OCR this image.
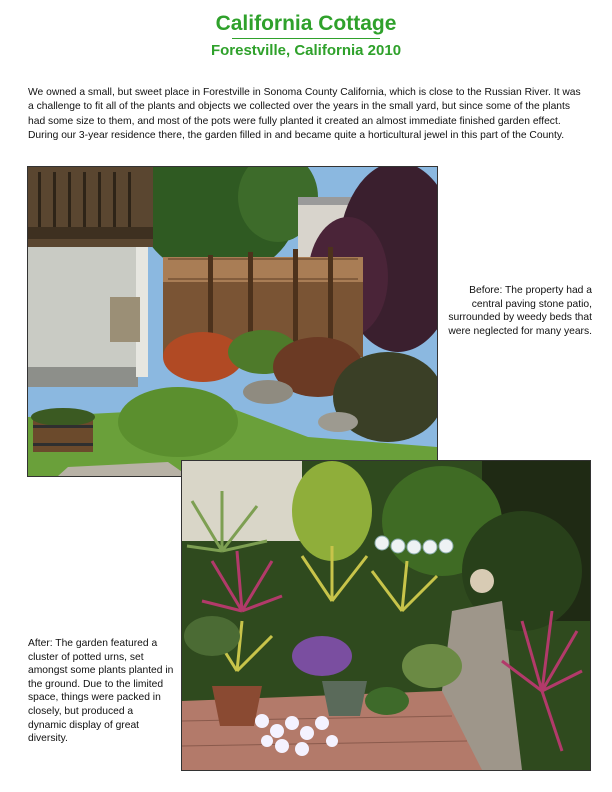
California Cottage
Forestville, California 2010

We owned a small, but sweet place in Forestville in Sonoma County California, which is close to the Russian River. It was a challenge to fit all of the plants and objects we collected over the years in the small yard, but since some of the plants had some size to them, and most of the pots were fully planted it created an almost immediate finished garden effect. During our 3-year residence there, the garden filled in and became quite a horticultural jewel in this part of the County.

Before: The property had a central paving stone patio, surrounded by weedy beds that were neglected for many years.

After: The garden featured a cluster of potted urns, set amongst some plants planted in the ground. Due to the limited space, things were packed in closely, but produced a dynamic display of great diversity.
